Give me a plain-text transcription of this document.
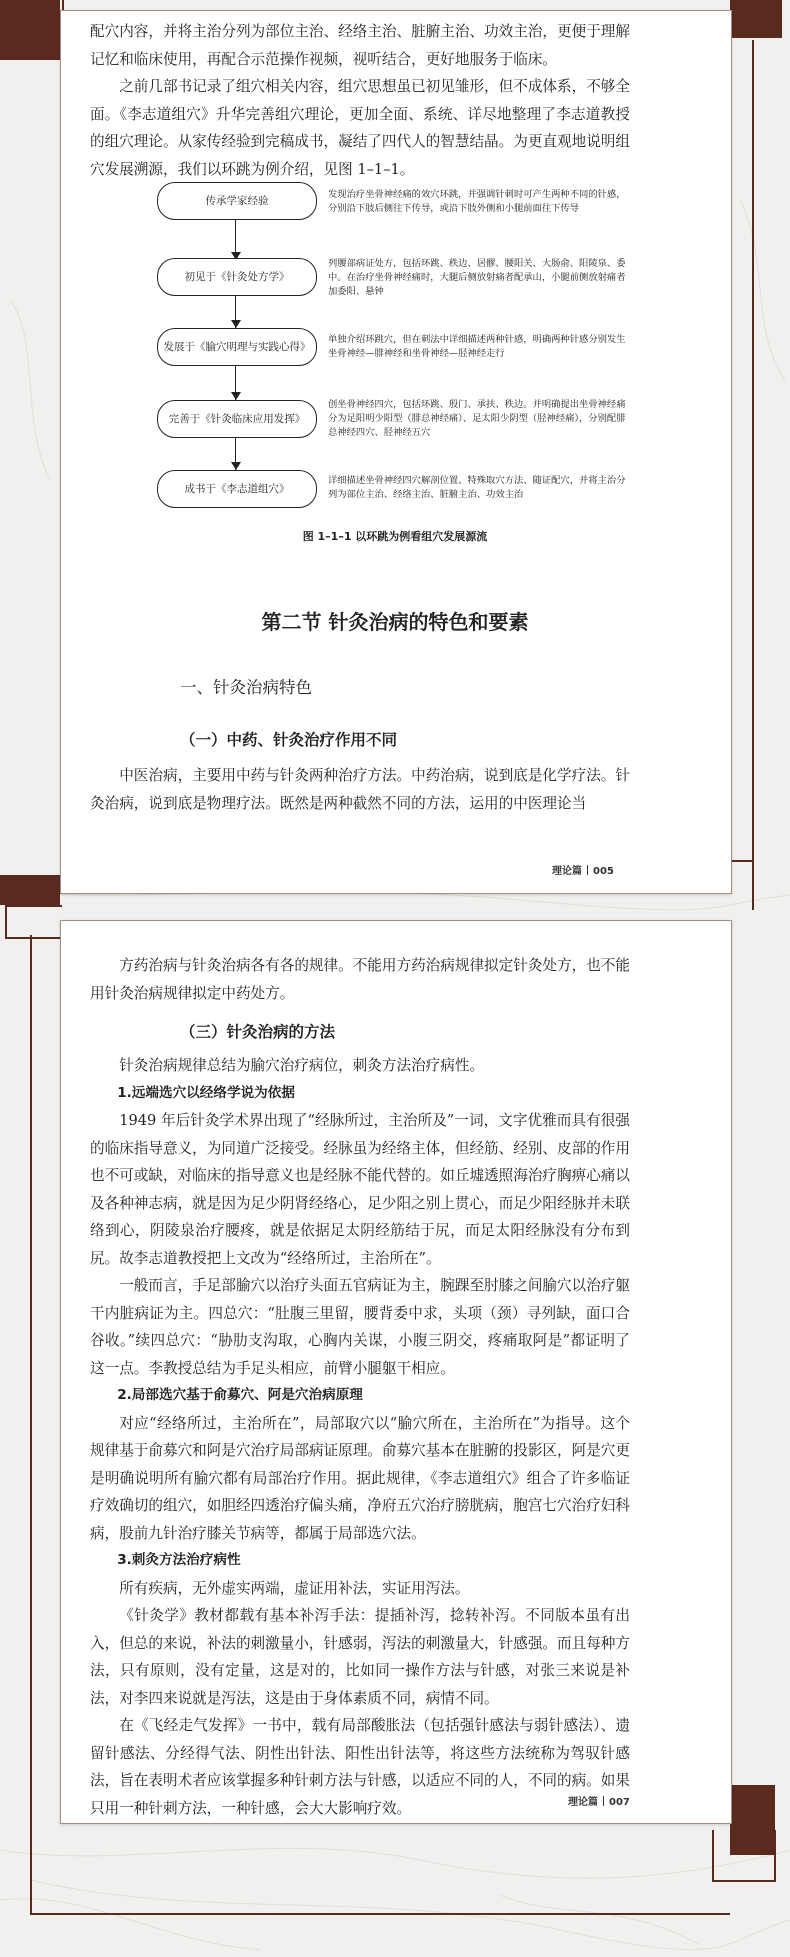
配穴内容，并将主治分列为部位主治、经络主治、脏腑主治、功效主治，更便于理解记忆和临床使用，再配合示范操作视频，视听结合，更好地服务于临床。

之前几部书记录了组穴相关内容，组穴思想虽已初见雏形，但不成体系，不够全面。《李志道组穴》升华完善组穴理论，更加全面、系统、详尽地整理了李志道教授的组穴理论。从家传经验到完稿成书，凝结了四代人的智慧结晶。为更直观地说明组穴发展溯源，我们以环跳为例介绍，见图 1–1–1。

传承学家经验
发现治疗坐骨神经痛的效穴环跳，并强调针刺时可产生两种不同的针感，分别沿下肢后侧往下传导，或沿下肢外侧和小腿前面往下传导
初见于《针灸处方学》
列腰部病证处方，包括环跳、秩边、居髎、腰阳关、大肠俞、阳陵泉、委中。在治疗坐骨神经痛时，大腿后侧放射痛者配承山，小腿前侧放射痛者加委阳、悬钟
发展于《腧穴明理与实践心得》
单独介绍环跳穴，但在刺法中详细描述两种针感，明确两种针感分别发生坐骨神经—腓神经和坐骨神经—胫神经走行
完善于《针灸临床应用发挥》
创坐骨神经四穴，包括环跳、殷门、承扶、秩边。并明确提出坐骨神经痛分为足阳明少阳型（腓总神经痛）、足太阳少阴型（胫神经痛），分别配腓总神经四穴、胫神经五穴
成书于《李志道组穴》
详细描述坐骨神经四穴解剖位置、特殊取穴方法、随证配穴，并将主治分列为部位主治、经络主治、脏腑主治、功效主治
图 1–1–1 以环跳为例看组穴发展源流
第二节 针灸治病的特色和要素
一、针灸治病特色
（一）中药、针灸治疗作用不同

中医治病，主要用中药与针灸两种治疗方法。中药治病，说到底是化学疗法。针灸治病，说到底是物理疗法。既然是两种截然不同的方法，运用的中医理论当

理论篇 005

方药治病与针灸治病各有各的规律。不能用方药治病规律拟定针灸处方，也不能用针灸治病规律拟定中药处方。

（三）针灸治病的方法

针灸治病规律总结为腧穴治疗病位，刺灸方法治疗病性。

1.远端选穴以经络学说为依据

1949 年后针灸学术界出现了“经脉所过，主治所及”一词，文字优雅而具有很强的临床指导意义，为同道广泛接受。经脉虽为经络主体，但经筋、经别、皮部的作用也不可或缺，对临床的指导意义也是经脉不能代替的。如丘墟透照海治疗胸痹心痛以及各种神志病，就是因为足少阴肾经络心，足少阳之别上贯心，而足少阳经脉并未联络到心，阴陵泉治疗腰疼，就是依据足太阴经筋结于尻，而足太阳经脉没有分布到尻。故李志道教授把上文改为“经络所过，主治所在”。

一般而言，手足部腧穴以治疗头面五官病证为主，腕踝至肘膝之间腧穴以治疗躯干内脏病证为主。四总穴：“肚腹三里留，腰背委中求，头项（颈）寻列缺，面口合谷收。”续四总穴：“胁肋支沟取，心胸内关谋，小腹三阴交，疼痛取阿是”都证明了这一点。李教授总结为手足头相应，前臂小腿躯干相应。

2.局部选穴基于俞募穴、阿是穴治病原理

对应“经络所过，主治所在”，局部取穴以“腧穴所在，主治所在”为指导。这个规律基于俞募穴和阿是穴治疗局部病证原理。俞募穴基本在脏腑的投影区，阿是穴更是明确说明所有腧穴都有局部治疗作用。据此规律，《李志道组穴》组合了许多临证疗效确切的组穴，如胆经四透治疗偏头痛，净府五穴治疗膀胱病，胞宫七穴治疗妇科病，股前九针治疗膝关节病等，都属于局部选穴法。

3.刺灸方法治疗病性

所有疾病，无外虚实两端，虚证用补法，实证用泻法。

《针灸学》教材都载有基本补泻手法：提插补泻，捻转补泻。不同版本虽有出入，但总的来说，补法的刺激量小，针感弱，泻法的刺激量大，针感强。而且每种方法，只有原则，没有定量，这是对的，比如同一操作方法与针感，对张三来说是补法，对李四来说就是泻法，这是由于身体素质不同，病情不同。

在《飞经走气发挥》一书中，载有局部酸胀法（包括强针感法与弱针感法）、遗留针感法、分经得气法、阴性出针法、阳性出针法等，将这些方法统称为驾驭针感法，旨在表明术者应该掌握多种针刺方法与针感，以适应不同的人，不同的病。如果只用一种针刺方法，一种针感，会大大影响疗效。	理论篇 007
